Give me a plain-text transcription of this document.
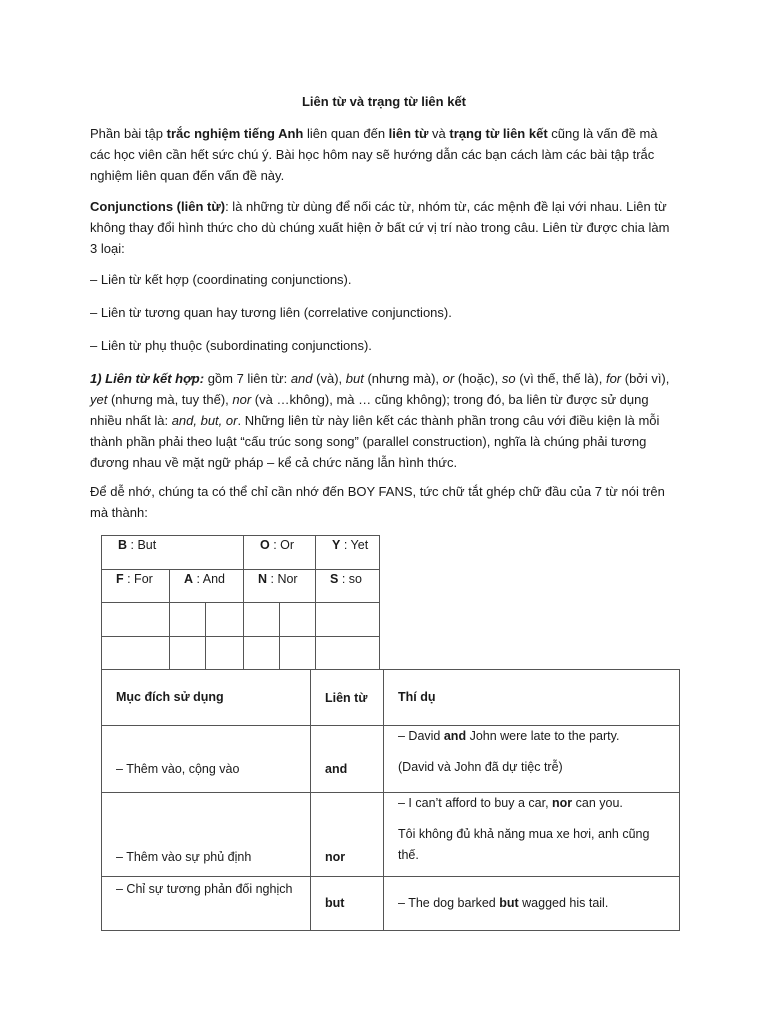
Liên từ và trạng từ liên kết
Phần bài tập trắc nghiệm tiếng Anh liên quan đến liên từ và trạng từ liên kết cũng là vấn đề mà các học viên cần hết sức chú ý. Bài học hôm nay sẽ hướng dẫn các bạn cách làm các bài tập trắc nghiệm liên quan đến vấn đề này.
Conjunctions (liên từ): là những từ dùng để nối các từ, nhóm từ, các mệnh đề lại với nhau. Liên từ không thay đổi hình thức cho dù chúng xuất hiện ở bất cứ vị trí nào trong câu. Liên từ được chia làm 3 loại:
– Liên từ kết hợp (coordinating conjunctions).
– Liên từ tương quan hay tương liên (correlative conjunctions).
– Liên từ phụ thuộc (subordinating conjunctions).
1) Liên từ kết hợp: gồm 7 liên từ: and (và), but (nhưng mà), or (hoặc), so (vì thế, thế là), for (bởi vì), yet (nhưng mà, tuy thế), nor (và …không), mà … cũng không); trong đó, ba liên từ được sử dụng nhiều nhất là: and, but, or. Những liên từ này liên kết các thành phần trong câu với điều kiện là mỗi thành phần phải theo luật “cấu trúc song song” (parallel construction), nghĩa là chúng phải tương đương nhau về mặt ngữ pháp – kể cả chức năng lẫn hình thức.
Để dễ nhớ, chúng ta có thể chỉ cần nhớ đến BOY FANS, tức chữ tắt ghép chữ đầu của 7 từ nói trên mà thành:
B : But			O : Or		Y : Yet
F : For	A : And		N : Nor		S : so

Mục đích sử dụng	Liên từ	Thí dụ
– Thêm vào, cộng vào	and	– David and John were late to the party.

(David và John đã dự tiệc trễ)

– Thêm vào sự phủ định	nor	– I can’t afford to buy a car, nor can you.

Tôi không đủ khả năng mua xe hơi, anh cũng thế.

– Chỉ sự tương phản đối nghịch	but	– The dog barked but wagged his tail.
